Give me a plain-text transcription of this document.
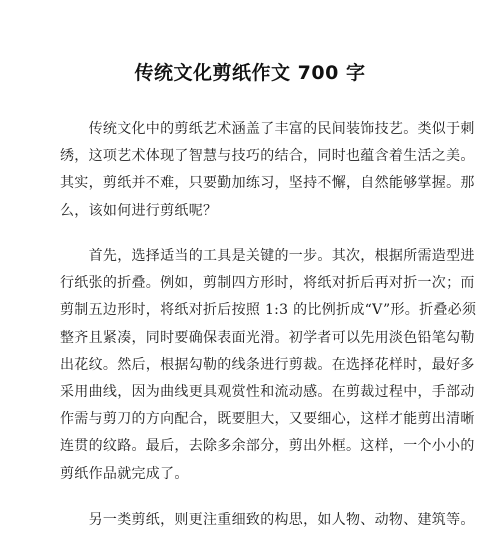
传统文化剪纸作文 700 字
　　传统文化中的剪纸艺术涵盖了丰富的民间装饰技艺。类似于刺
绣，这项艺术体现了智慧与技巧的结合，同时也蕴含着生活之美。
其实，剪纸并不难，只要勤加练习，坚持不懈，自然能够掌握。那
么，该如何进行剪纸呢？
　　首先，选择适当的工具是关键的一步。其次，根据所需造型进
行纸张的折叠。例如，剪制四方形时，将纸对折后再对折一次；而
剪制五边形时，将纸对折后按照 1:3 的比例折成“V”形。折叠必须
整齐且紧凑，同时要确保表面光滑。初学者可以先用淡色铅笔勾勒
出花纹。然后，根据勾勒的线条进行剪裁。在选择花样时，最好多
采用曲线，因为曲线更具观赏性和流动感。在剪裁过程中，手部动
作需与剪刀的方向配合，既要胆大，又要细心，这样才能剪出清晰
连贯的纹路。最后，去除多余部分，剪出外框。这样，一个小小的
剪纸作品就完成了。
　　另一类剪纸，则更注重细致的构思，如人物、动物、建筑等。
